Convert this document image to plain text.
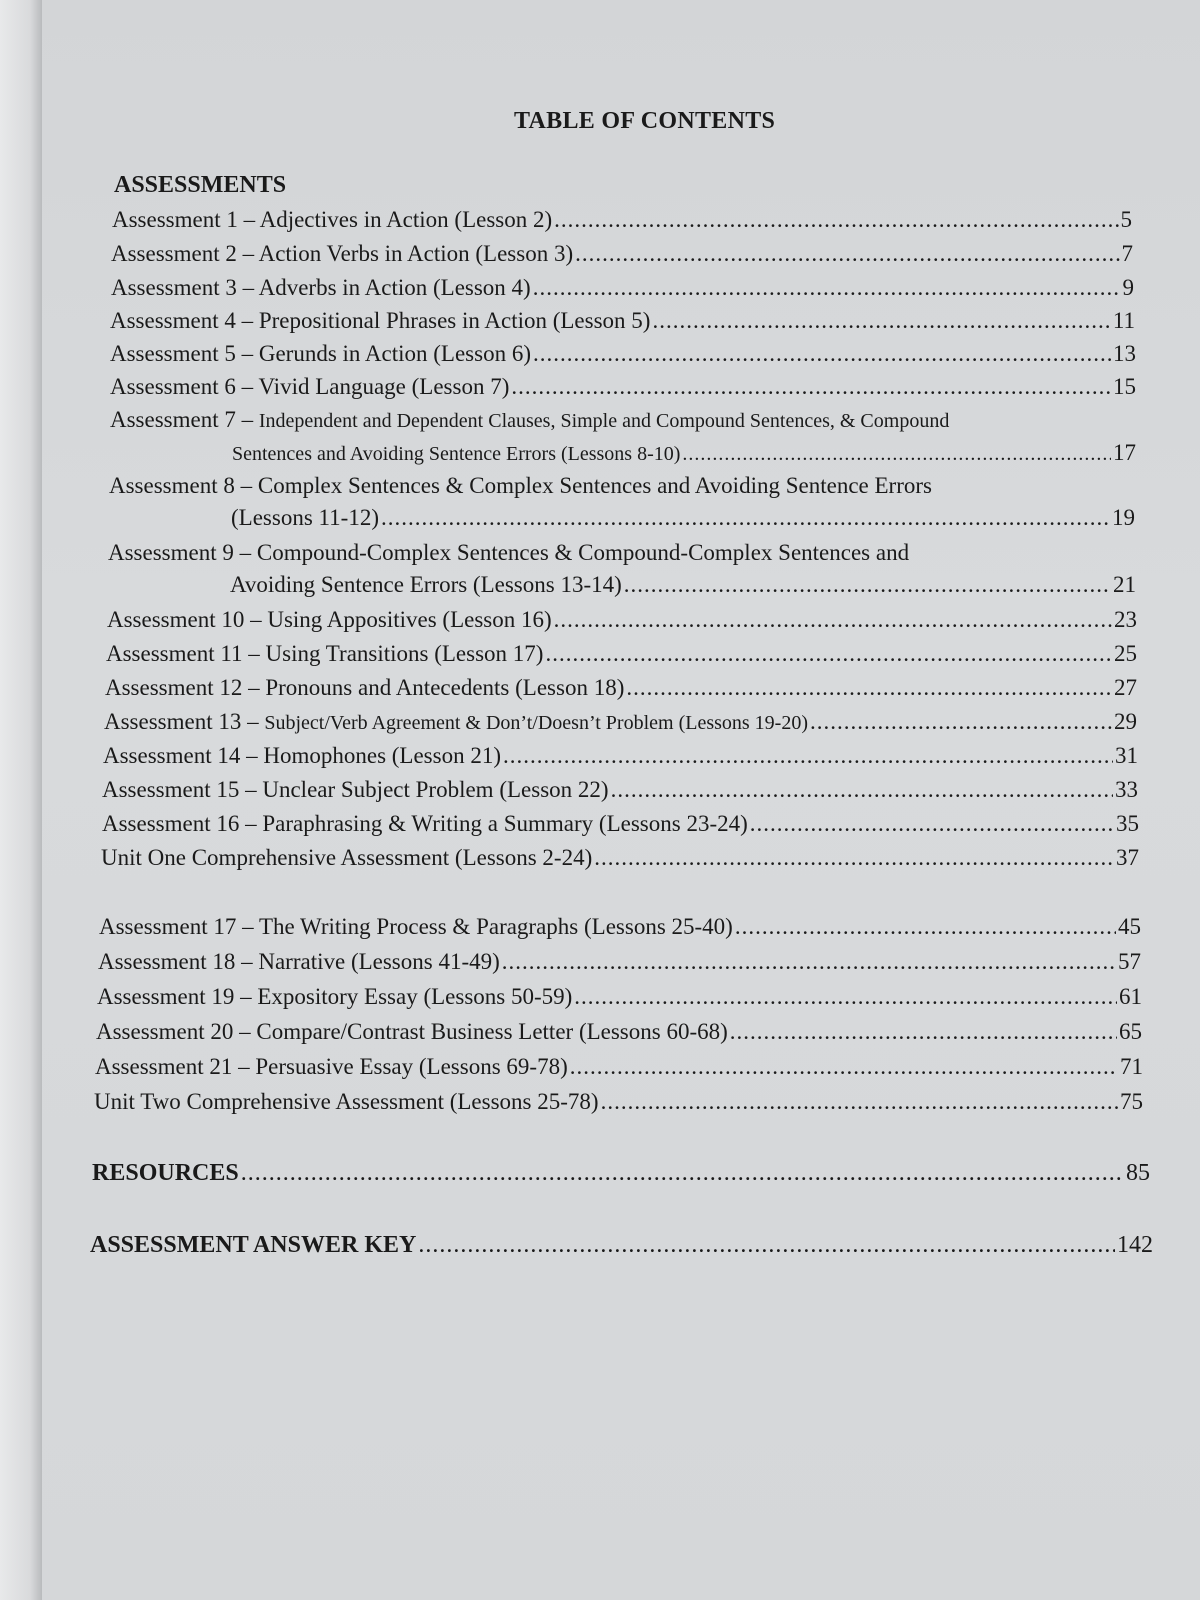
TABLE OF CONTENTS
ASSESSMENTS
Assessment 1 – Adjectives in Action (Lesson 2) .....	5
Assessment 2 – Action Verbs in Action (Lesson 3) .....	7
Assessment 3 – Adverbs in Action (Lesson 4) .....	9
Assessment 4 – Prepositional Phrases in Action (Lesson 5) .....	11
Assessment 5 – Gerunds in Action (Lesson 6) .....	13
Assessment 6 – Vivid Language (Lesson 7) .....	15
Assessment 7 – Independent and Dependent Clauses, Simple and Compound Sentences, & Compound
Sentences and Avoiding Sentence Errors (Lessons 8-10) .....	17
Assessment 8 – Complex Sentences & Complex Sentences and Avoiding Sentence Errors
(Lessons 11-12) .....	19
Assessment 9 – Compound-Complex Sentences & Compound-Complex Sentences and
Avoiding Sentence Errors (Lessons 13-14) .....	21
Assessment 10 – Using Appositives (Lesson 16) .....	23
Assessment 11 – Using Transitions (Lesson 17) .....	25
Assessment 12 – Pronouns and Antecedents (Lesson 18) .....	27
Assessment 13 – Subject/Verb Agreement & Don’t/Doesn’t Problem (Lessons 19-20) .....	29
Assessment 14 – Homophones (Lesson 21) .....	31
Assessment 15 – Unclear Subject Problem (Lesson 22) .....	33
Assessment 16 – Paraphrasing & Writing a Summary (Lessons 23-24) .....	35
Unit One Comprehensive Assessment (Lessons 2-24) .....	37
Assessment 17 – The Writing Process & Paragraphs (Lessons 25-40) .....	45
Assessment 18 – Narrative (Lessons 41-49) .....	57
Assessment 19 – Expository Essay (Lessons 50-59) .....	61
Assessment 20 – Compare/Contrast Business Letter (Lessons 60-68) .....	65
Assessment 21 – Persuasive Essay (Lessons 69-78) .....	71
Unit Two Comprehensive Assessment (Lessons 25-78) .....	75
RESOURCES .....	85
ASSESSMENT ANSWER KEY .....	142
